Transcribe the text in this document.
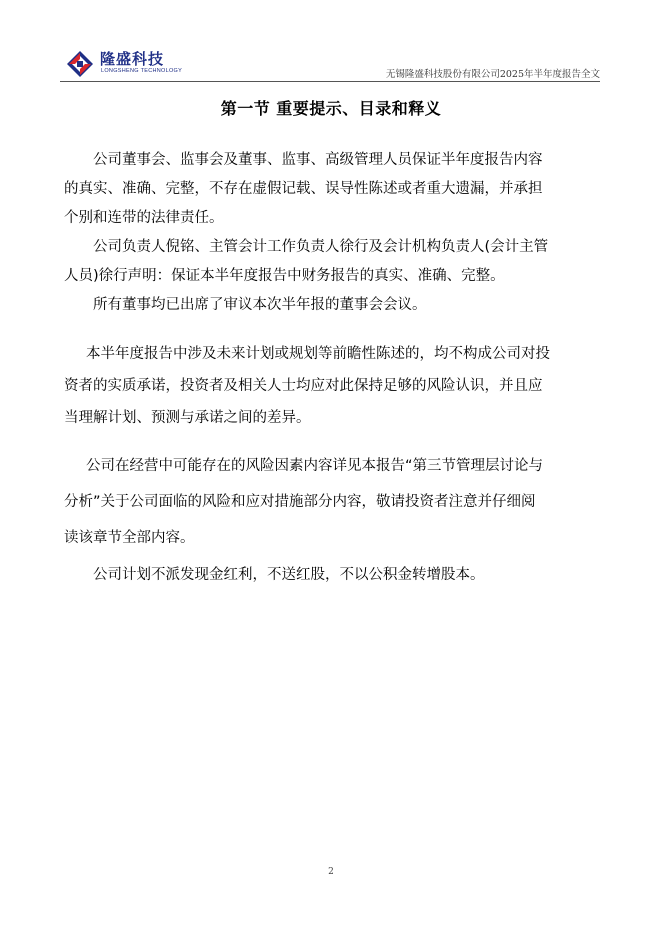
隆盛科技
LONGSHENG TECHNOLOGY	无锡隆盛科技股份有限公司2025年半年度报告全文
第一节 重要提示、目录和释义

公司董事会、监事会及董事、监事、高级管理人员保证半年度报告内容

的真实、准确、完整，不存在虚假记载、误导性陈述或者重大遗漏，并承担

个别和连带的法律责任。

公司负责人倪铭、主管会计工作负责人徐行及会计机构负责人(会计主管

人员)徐行声明：保证本半年度报告中财务报告的真实、准确、完整。

所有董事均已出席了审议本次半年报的董事会会议。

本半年度报告中涉及未来计划或规划等前瞻性陈述的，均不构成公司对投

资者的实质承诺，投资者及相关人士均应对此保持足够的风险认识，并且应

当理解计划、预测与承诺之间的差异。

公司在经营中可能存在的风险因素内容详见本报告“第三节管理层讨论与

分析”关于公司面临的风险和应对措施部分内容，敬请投资者注意并仔细阅

读该章节全部内容。

公司计划不派发现金红利，不送红股，不以公积金转增股本。

2
